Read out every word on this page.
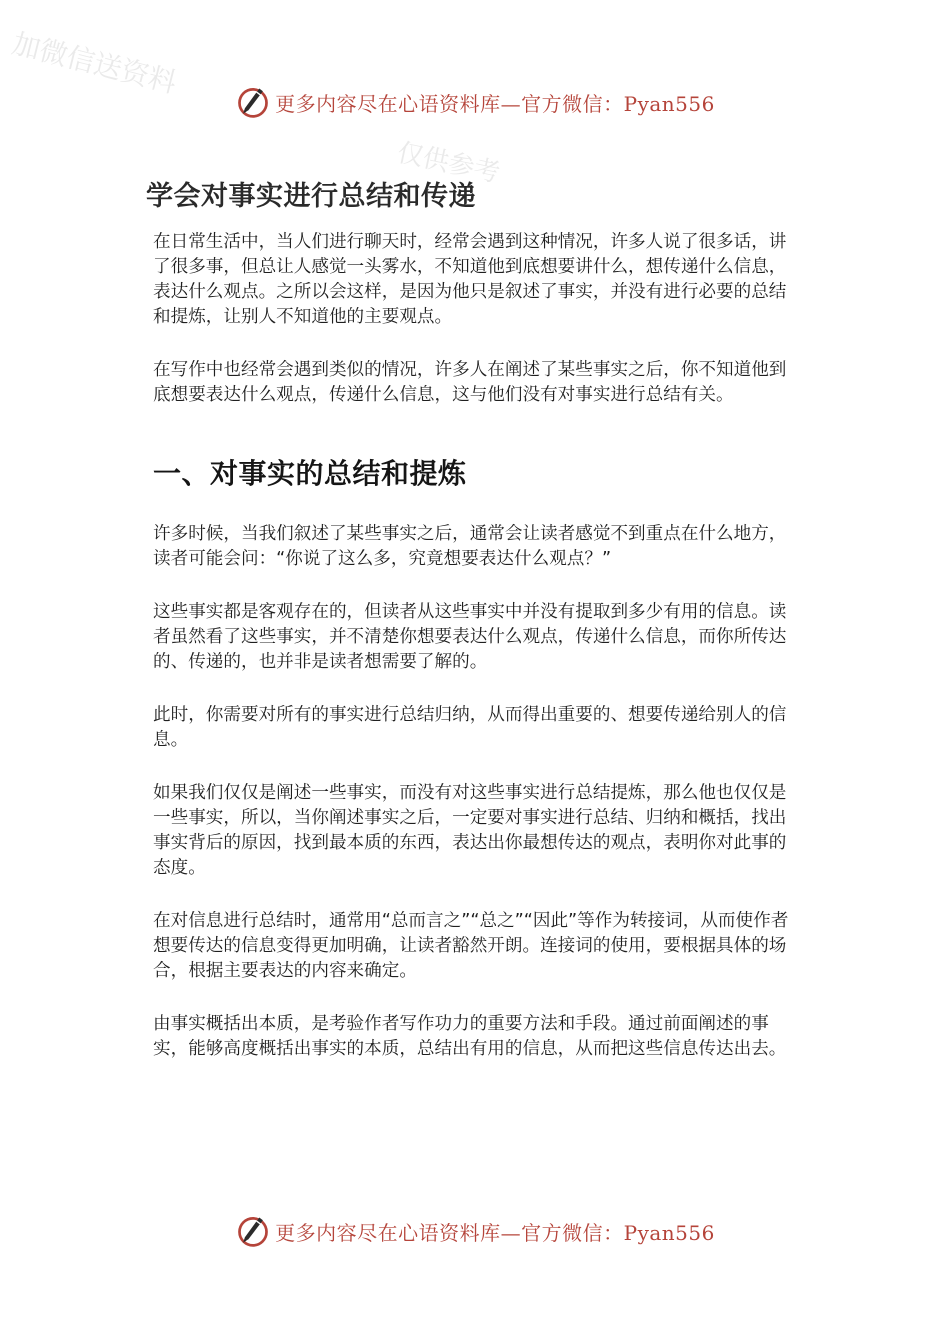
加微信送资料
仅供参考
更多内容尽在心语资料库—官方微信：Pyan556
学会对事实进行总结和传递

在日常生活中，当人们进行聊天时，经常会遇到这种情况，许多人说了很多话，讲了很多事，但总让人感觉一头雾水，不知道他到底想要讲什么，想传递什么信息，表达什么观点。之所以会这样，是因为他只是叙述了事实，并没有进行必要的总结和提炼，让别人不知道他的主要观点。

在写作中也经常会遇到类似的情况，许多人在阐述了某些事实之后，你不知道他到底想要表达什么观点，传递什么信息，这与他们没有对事实进行总结有关。

一、对事实的总结和提炼

许多时候，当我们叙述了某些事实之后，通常会让读者感觉不到重点在什么地方，读者可能会问：“你说了这么多，究竟想要表达什么观点？”

这些事实都是客观存在的，但读者从这些事实中并没有提取到多少有用的信息。读者虽然看了这些事实，并不清楚你想要表达什么观点，传递什么信息，而你所传达的、传递的，也并非是读者想需要了解的。

此时，你需要对所有的事实进行总结归纳，从而得出重要的、想要传递给别人的信息。

如果我们仅仅是阐述一些事实，而没有对这些事实进行总结提炼，那么他也仅仅是一些事实，所以，当你阐述事实之后，一定要对事实进行总结、归纳和概括，找出事实背后的原因，找到最本质的东西，表达出你最想传达的观点，表明你对此事的态度。

在对信息进行总结时，通常用“总而言之”“总之”“因此”等作为转接词，从而使作者想要传达的信息变得更加明确，让读者豁然开朗。连接词的使用，要根据具体的场合，根据主要表达的内容来确定。

由事实概括出本质，是考验作者写作功力的重要方法和手段。通过前面阐述的事实，能够高度概括出事实的本质，总结出有用的信息，从而把这些信息传达出去。

更多内容尽在心语资料库—官方微信：Pyan556
